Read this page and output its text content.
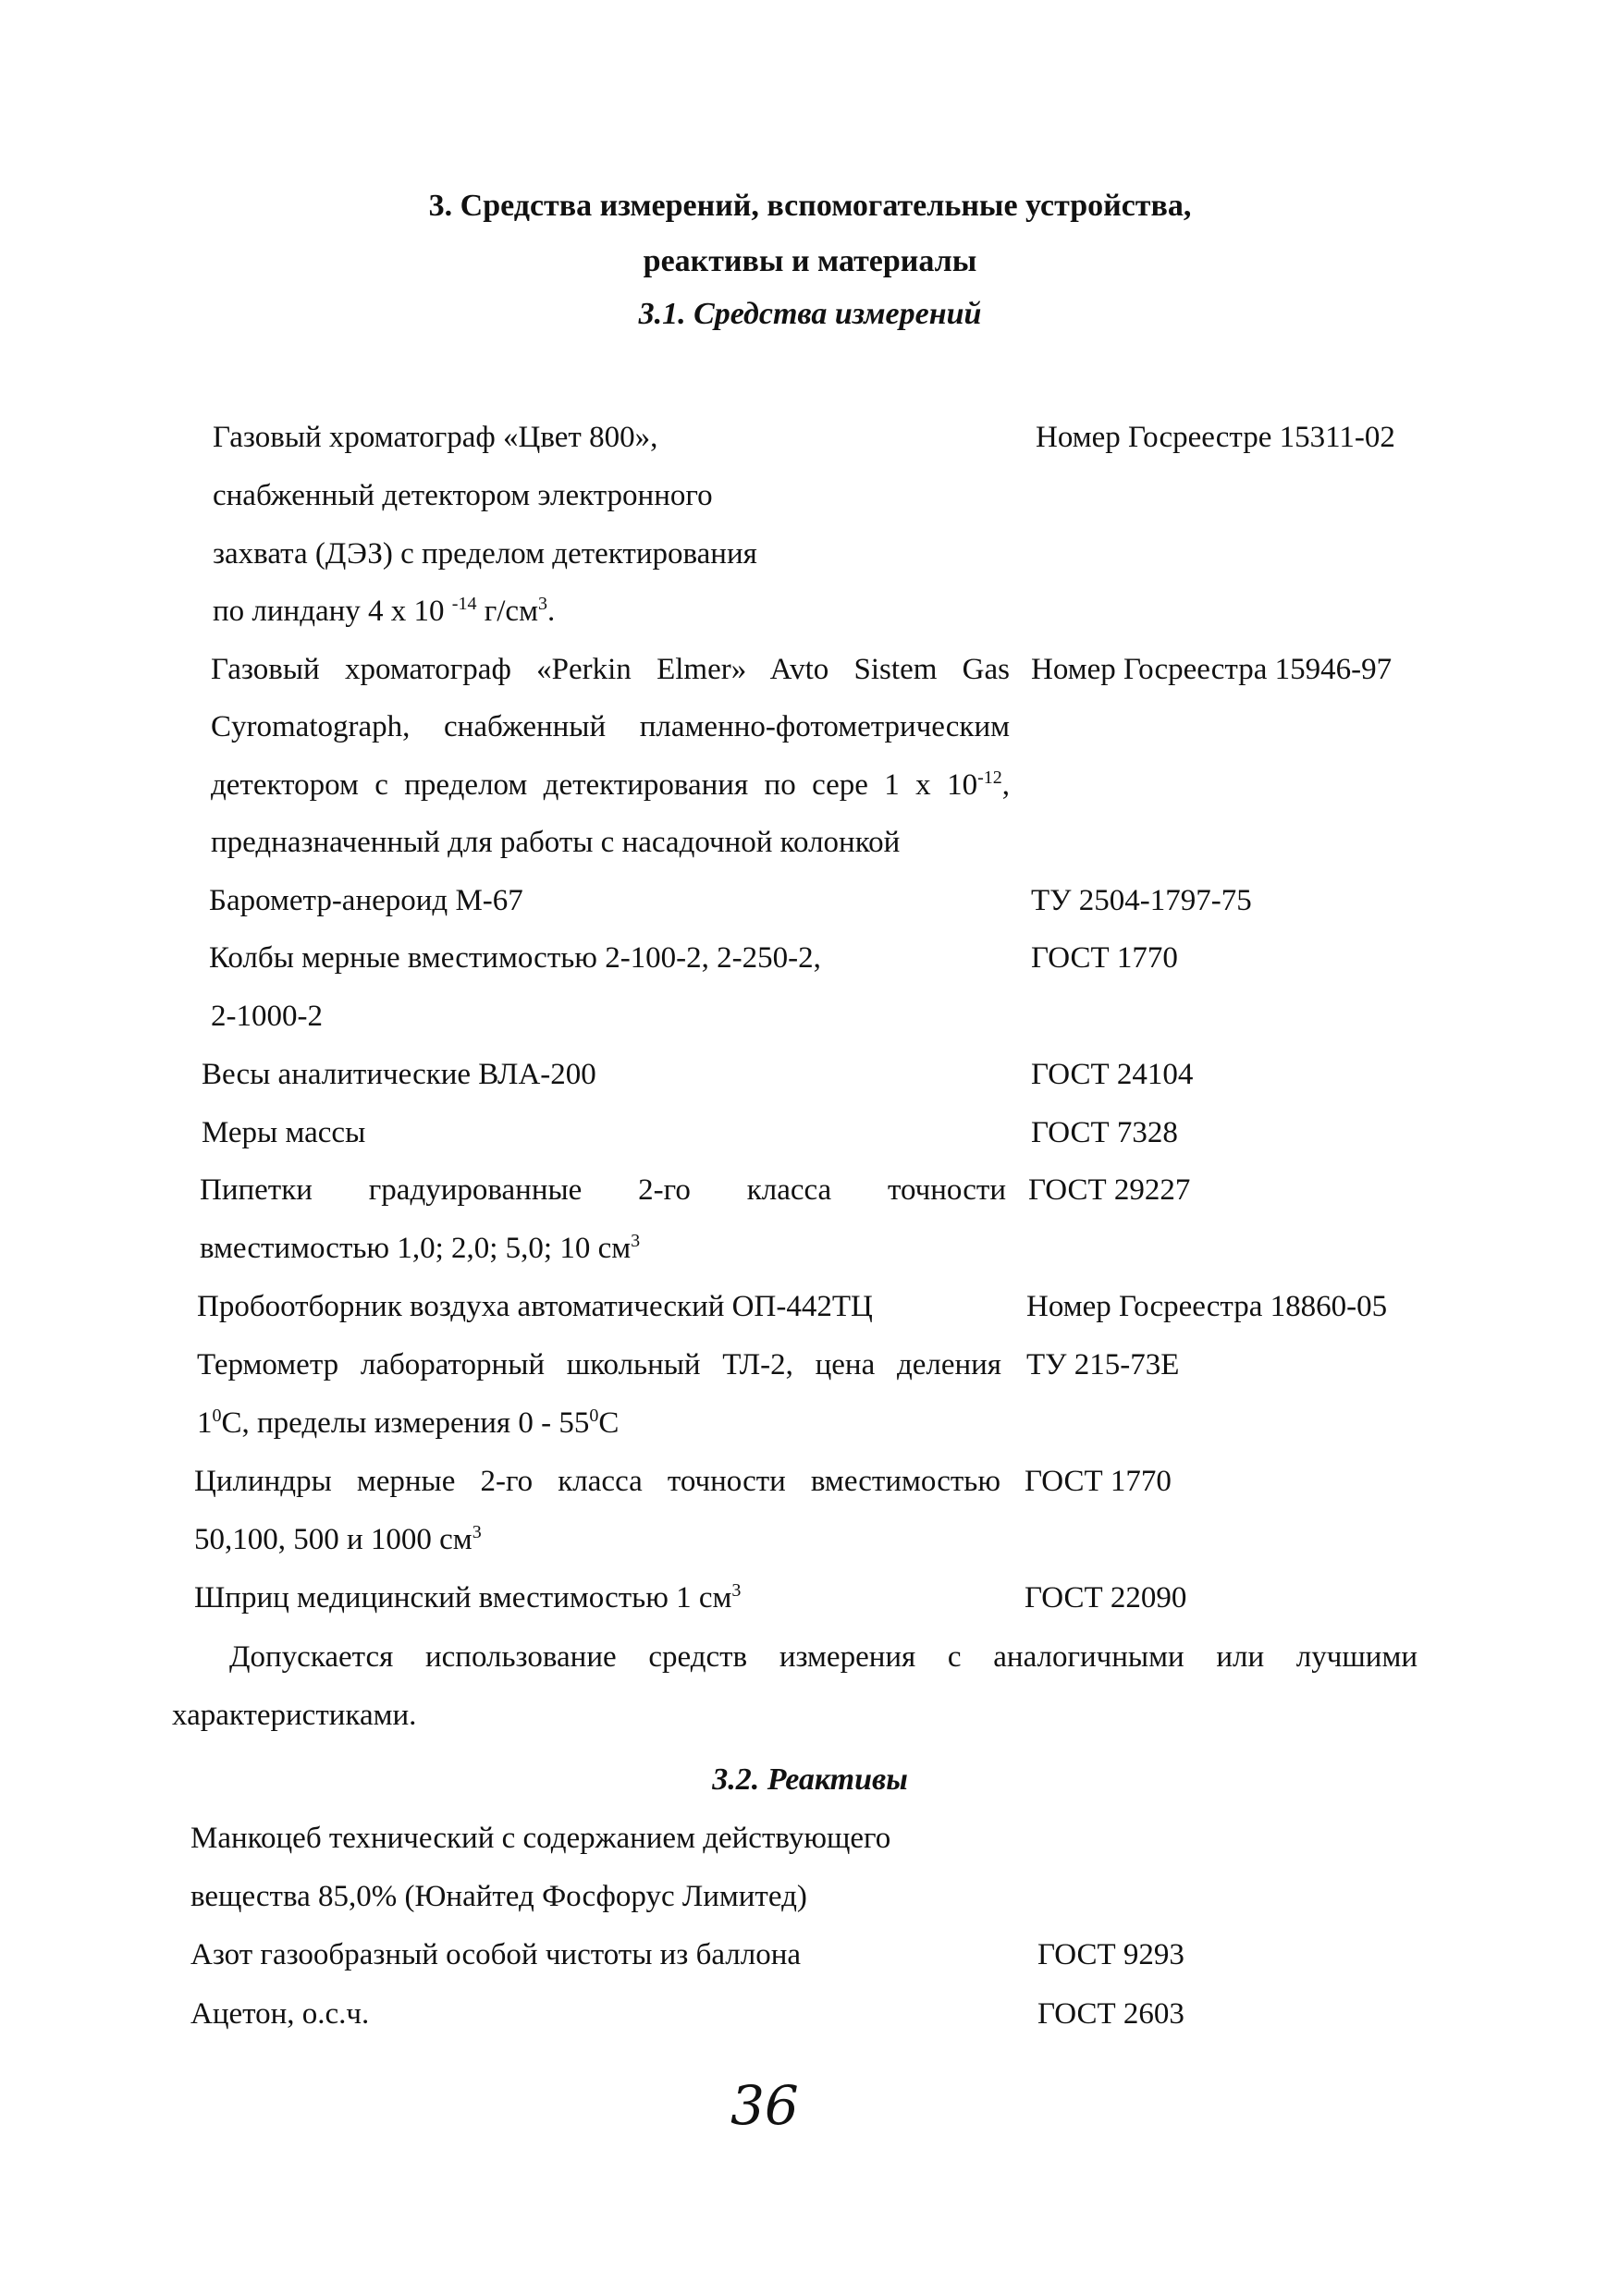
3. Средства измерений, вспомогательные устройства,
реактивы и материалы
3.1. Средства измерений
Газовый хроматограф «Цвет 800»,	Номер Госреестре 15311-02
снабженный детектором электронного
захвата (ДЭЗ) с пределом детектирования
по линдану 4 х 10 $^{-14}$ $г/см^3$.
Газовый хроматограф «Perkin Elmer» Avto Sistem Gas Номер Госреестра 15946-97
Cyromatograph, снабженный пламенно-фотометрическим
детектором с пределом детектирования по сере 1 х $10^{-12}$,
предназначенный для работы с насадочной колонкой
Барометр-анероид М-67	ТУ 2504-1797-75
Колбы мерные вместимостью 2-100-2, 2-250-2,	ГОСТ 1770
2-1000-2
Весы аналитические ВЛА-200	ГОСТ 24104
Меры массы	ГОСТ 7328
Пипетки градуированные 2-го класса точности ГОСТ 29227
вместимостью 1,0; 2,0; 5,0; 10 $см^3$
Пробоотборник воздуха автоматический ОП-442ТЦ	Номер Госреестра 18860-05
Термометр лабораторный школьный ТЛ-2, цена деления ТУ 215-73Е
$1^0С$, пределы измерения $0 - 55^0С$
Цилиндры мерные 2-го класса точности вместимостью ГОСТ 1770
50,100, 500 и 1000 $см^3$
Шприц медицинский вместимостью 1 $см^3$	ГОСТ 22090
Допускается использование средств измерения с аналогичными или лучшими
характеристиками.
3.2. Реактивы
Манкоцеб технический с содержанием действующего
вещества 85,0% (Юнайтед Фосфорус Лимитед)
Азот газообразный особой чистоты из баллона	ГОСТ 9293
Ацетон, о.с.ч.	ГОСТ 2603
36
